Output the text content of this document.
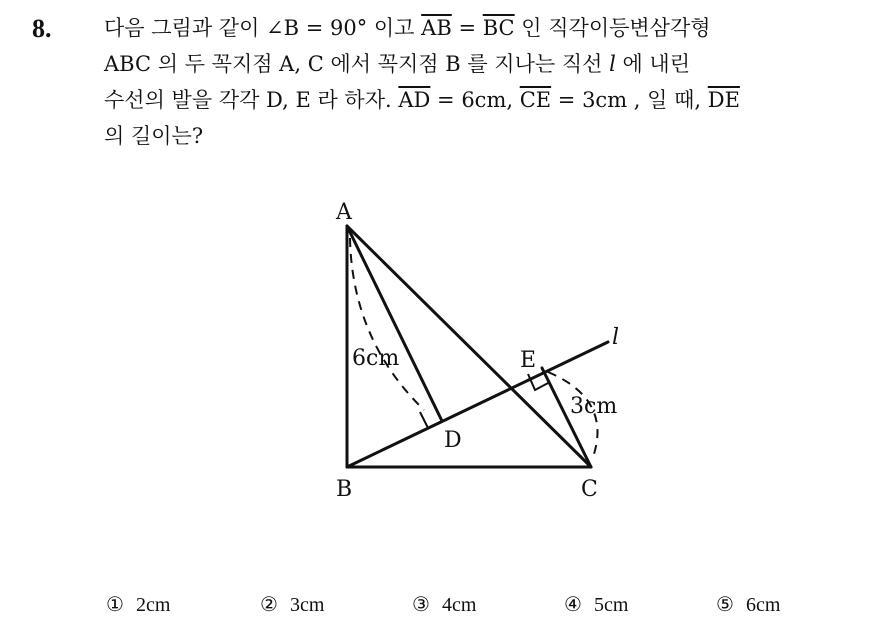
8.	다음 그림과 같이 ∠B = 90° 이고 $\overline{AB} = \overline{BC}$ 인 직각이등변삼각형
ABC 의 두 꼭지점 A, C 에서 꼭지점 B 를 지나는 직선 l 에 내린
수선의 발을 각각 D, E 라 하자. $\overline{AD} = 6cm$, $\overline{CE} = 3cm$ , 일 때, $\overline{DE}$
의 길이는?
A
B	C
D
E
l
6cm
3cm
① 2cm	② 3cm	③ 4cm	④ 5cm	⑤ 6cm
